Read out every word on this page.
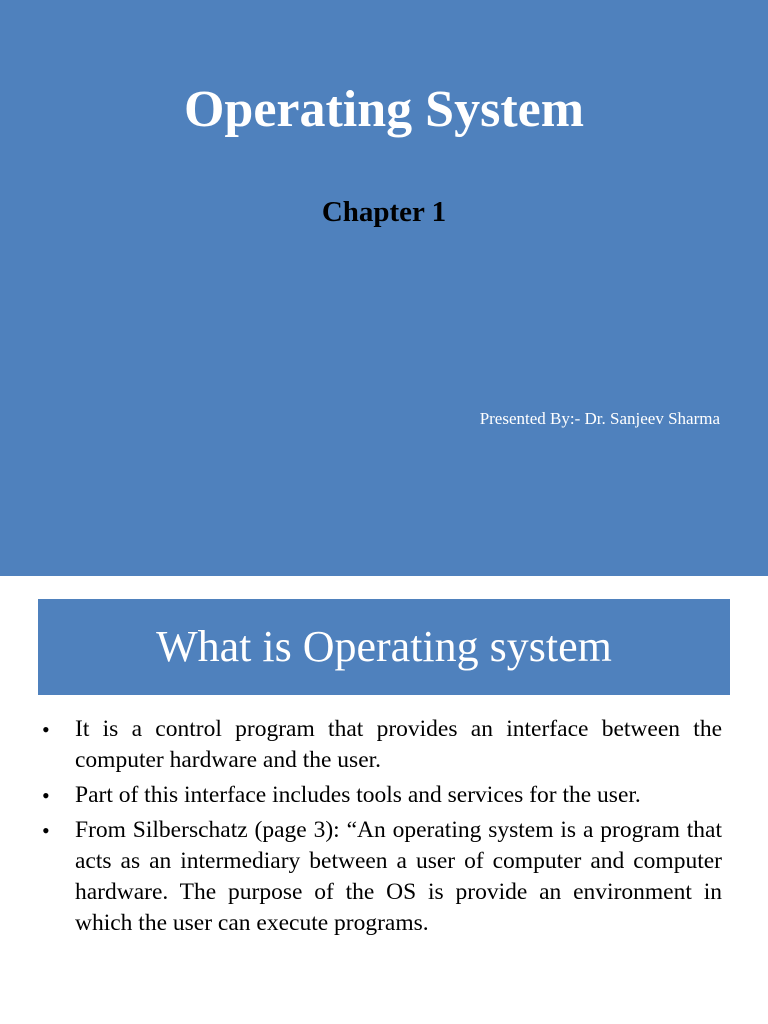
Operating System
Chapter 1
Presented By:- Dr. Sanjeev Sharma
What is Operating system
• It is a control program that provides an interface between the computer hardware and the user.
• Part of this interface includes tools and services for the user.
• From Silberschatz (page 3): “An operating system is a program that acts as an intermediary between a user of computer and computer hardware. The purpose of the OS is provide an environment in which the user can execute programs.
